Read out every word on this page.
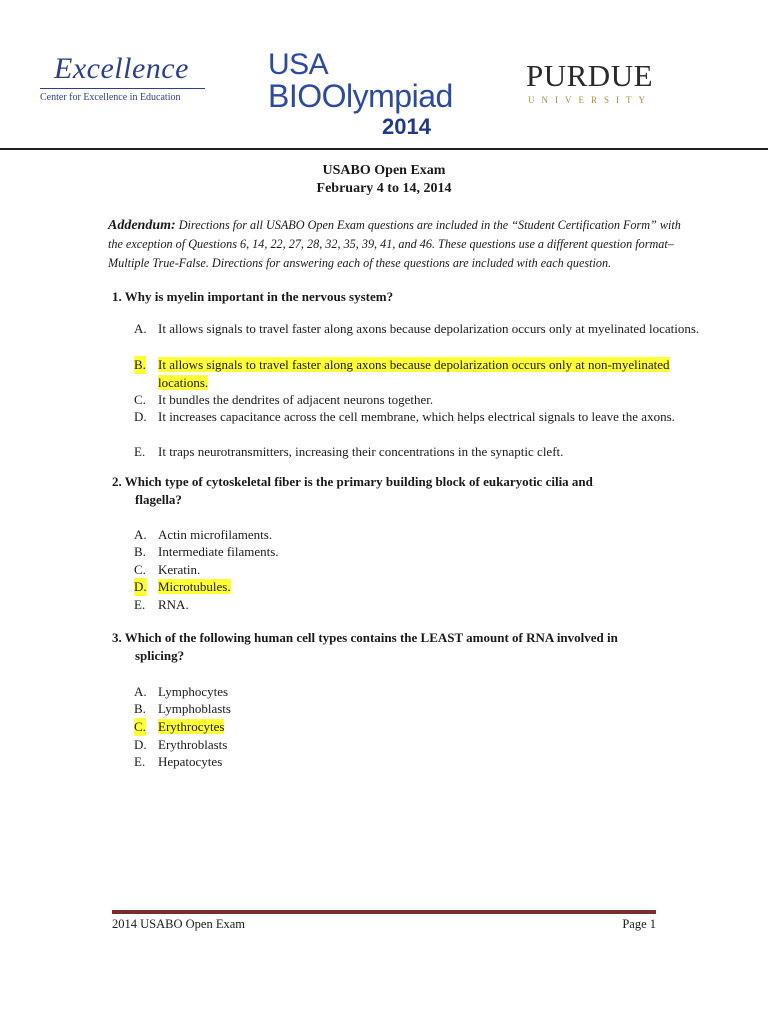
Excellence
Center for Excellence in Education
USA
BIOOlympiad
2014
PURDUE
UNIVERSITY
USABO Open Exam
February 4 to 14, 2014
Addendum: Directions for all USABO Open Exam questions are included in the “Student Certification Form” with the exception of Questions 6, 14, 22, 27, 28, 32, 35, 39, 41, and 46. These questions use a different question format–Multiple True-False. Directions for answering each of these questions are included with each question.
1. Why is myelin important in the nervous system?
A. It allows signals to travel faster along axons because depolarization occurs only at myelinated locations.
B. It allows signals to travel faster along axons because depolarization occurs only at non-myelinated locations.
C. It bundles the dendrites of adjacent neurons together.
D. It increases capacitance across the cell membrane, which helps electrical signals to leave the axons.
E. It traps neurotransmitters, increasing their concentrations in the synaptic cleft.
2. Which type of cytoskeletal fiber is the primary building block of eukaryotic cilia and
flagella?
A. Actin microfilaments.
B. Intermediate filaments.
C. Keratin.
D. Microtubules.
E. RNA.
3. Which of the following human cell types contains the LEAST amount of RNA involved in
splicing?
A. Lymphocytes
B. Lymphoblasts
C. Erythrocytes
D. Erythroblasts
E. Hepatocytes
2014 USABO Open Exam	Page 1
